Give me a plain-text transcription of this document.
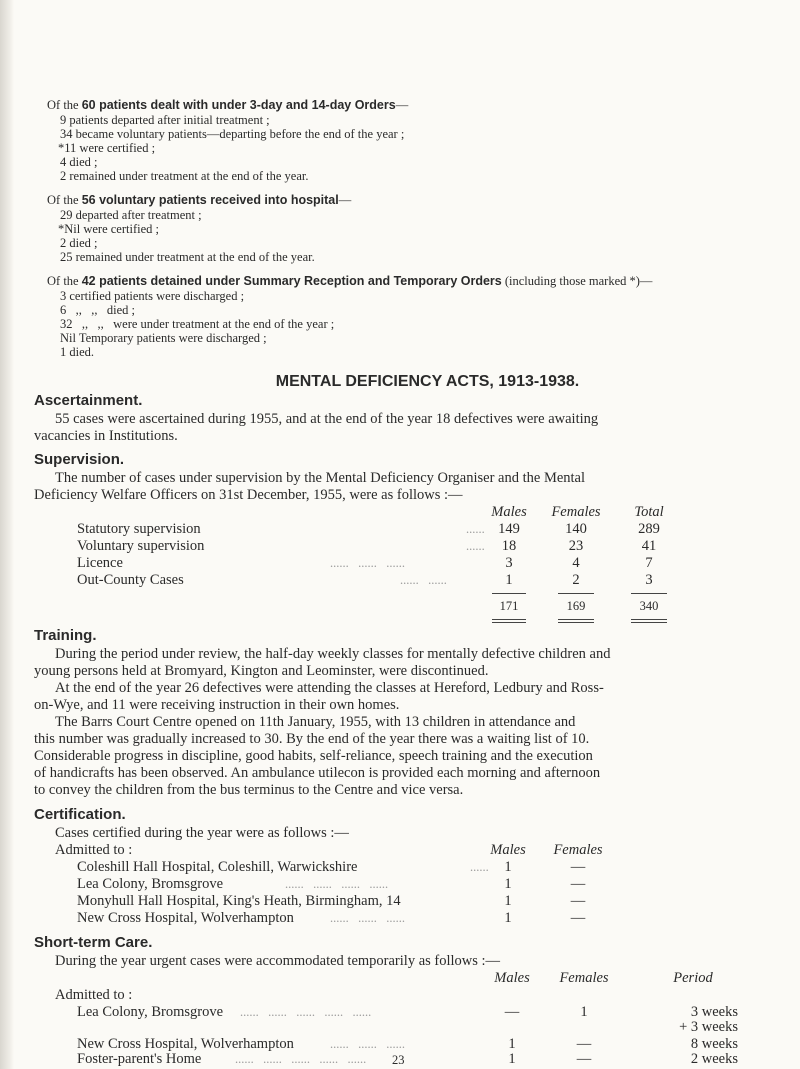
Of the 60 patients dealt with under 3-day and 14-day Orders—
9 patients departed after initial treatment ;
34 became voluntary patients—departing before the end of the year ;
*11 were certified ;
4 died ;
2 remained under treatment at the end of the year.
Of the 56 voluntary patients received into hospital—
29 departed after treatment ;
*Nil were certified ;
2 died ;
25 remained under treatment at the end of the year.
Of the 42 patients detained under Summary Reception and Temporary Orders (including those marked *)—
3 certified patients were discharged ;
6   ,,   ,,   died ;
32   ,,   ,,   were under treatment at the end of the year ;
Nil Temporary patients were discharged ;
1 died.
MENTAL DEFICIENCY ACTS, 1913-1938.
Ascertainment.
55 cases were ascertained during 1955, and at the end of the year 18 defectives were awaiting
vacancies in Institutions.
Supervision.
The number of cases under supervision by the Mental Deficiency Organiser and the Mental
Deficiency Welfare Officers on 31st December, 1955, were as follows :—
Males	Females	Total
Statutory supervision	...... 149	140	289
Voluntary supervision	......	18	23	41
Licence	......   ......   ......	3	4	7
Out-County Cases	......   ......	1	2	3
171	169	340
Training.
During the period under review, the half-day weekly classes for mentally defective children and
young persons held at Bromyard, Kington and Leominster, were discontinued.
At the end of the year 26 defectives were attending the classes at Hereford, Ledbury and Ross-
on-Wye, and 11 were receiving instruction in their own homes.
The Barrs Court Centre opened on 11th January, 1955, with 13 children in attendance and
this number was gradually increased to 30. By the end of the year there was a waiting list of 10.
Considerable progress in discipline, good habits, self-reliance, speech training and the execution
of handicrafts has been observed. An ambulance utilecon is provided each morning and afternoon
to convey the children from the bus terminus to the Centre and vice versa.
Certification.
Cases certified during the year were as follows :—
Admitted to :	Males	Females
Coleshill Hall Hospital, Coleshill, Warwickshire	......	1	—
Lea Colony, Bromsgrove	......   ......   ......   ......	1	—
Monyhull Hall Hospital, King's Heath, Birmingham, 14	1	—
New Cross Hospital, Wolverhampton	......   ......   ......	1	—
Short-term Care.
During the year urgent cases were accommodated temporarily as follows :—
Males	Females	Period
Admitted to :
Lea Colony, Bromsgrove ......   ......   ......   ......   ......	—	1	3 weeks
+ 3 weeks
New Cross Hospital, Wolverhampton	......   ......   ......	1	—	8 weeks
Foster-parent's Home	......   ......   ......   ......   ......	1	—	2 weeks
23
